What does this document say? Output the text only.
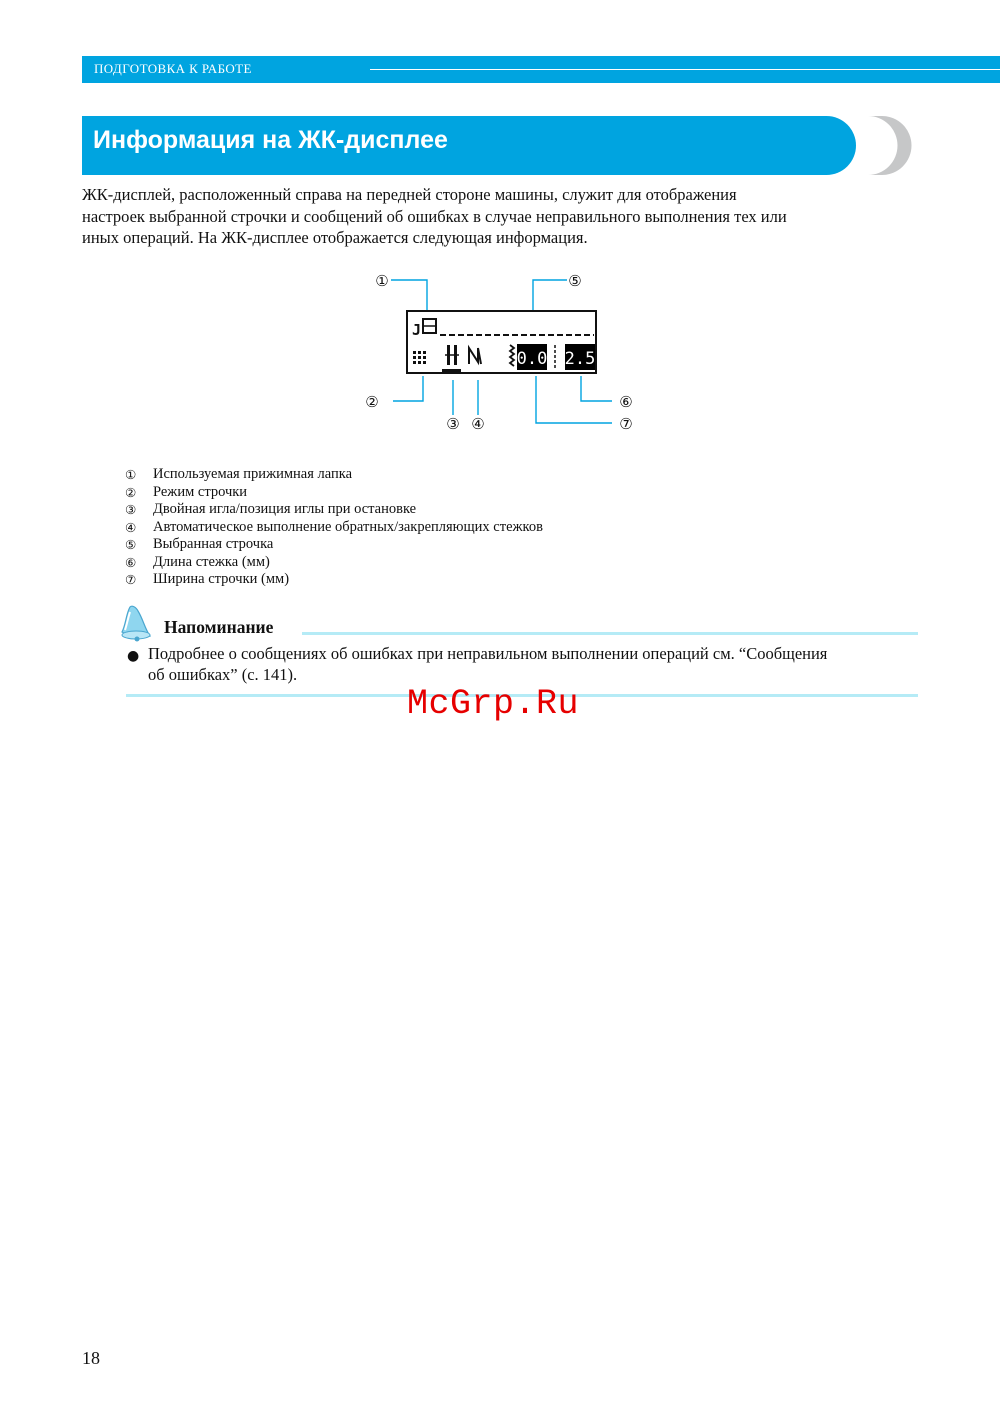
ПОДГОТОВКА К РАБОТЕ
Информация на ЖК-дисплее
ЖК-дисплей, расположенный справа на передней стороне машины, служит для отображения
настроек выбранной строчки и сообщений об ошибках в случае неправильного выполнения тех или
иных операций. На ЖК-дисплее отображается следующая информация.
①	⑤
②	⑥
③ ④	⑦
J
0.0 2.5
①	Используемая прижимная лапка
②	Режим строчки
③	Двойная игла/позиция иглы при остановке
④	Автоматическое выполнение обратных/закрепляющих стежков
⑤	Выбранная строчка
⑥	Длина стежка (мм)
⑦	Ширина строчки (мм)
Напоминание
● Подробнее о сообщениях об ошибках при неправильном выполнении операций см. “Сообщения
об ошибках” (с. 141).
McGrp.Ru
18
